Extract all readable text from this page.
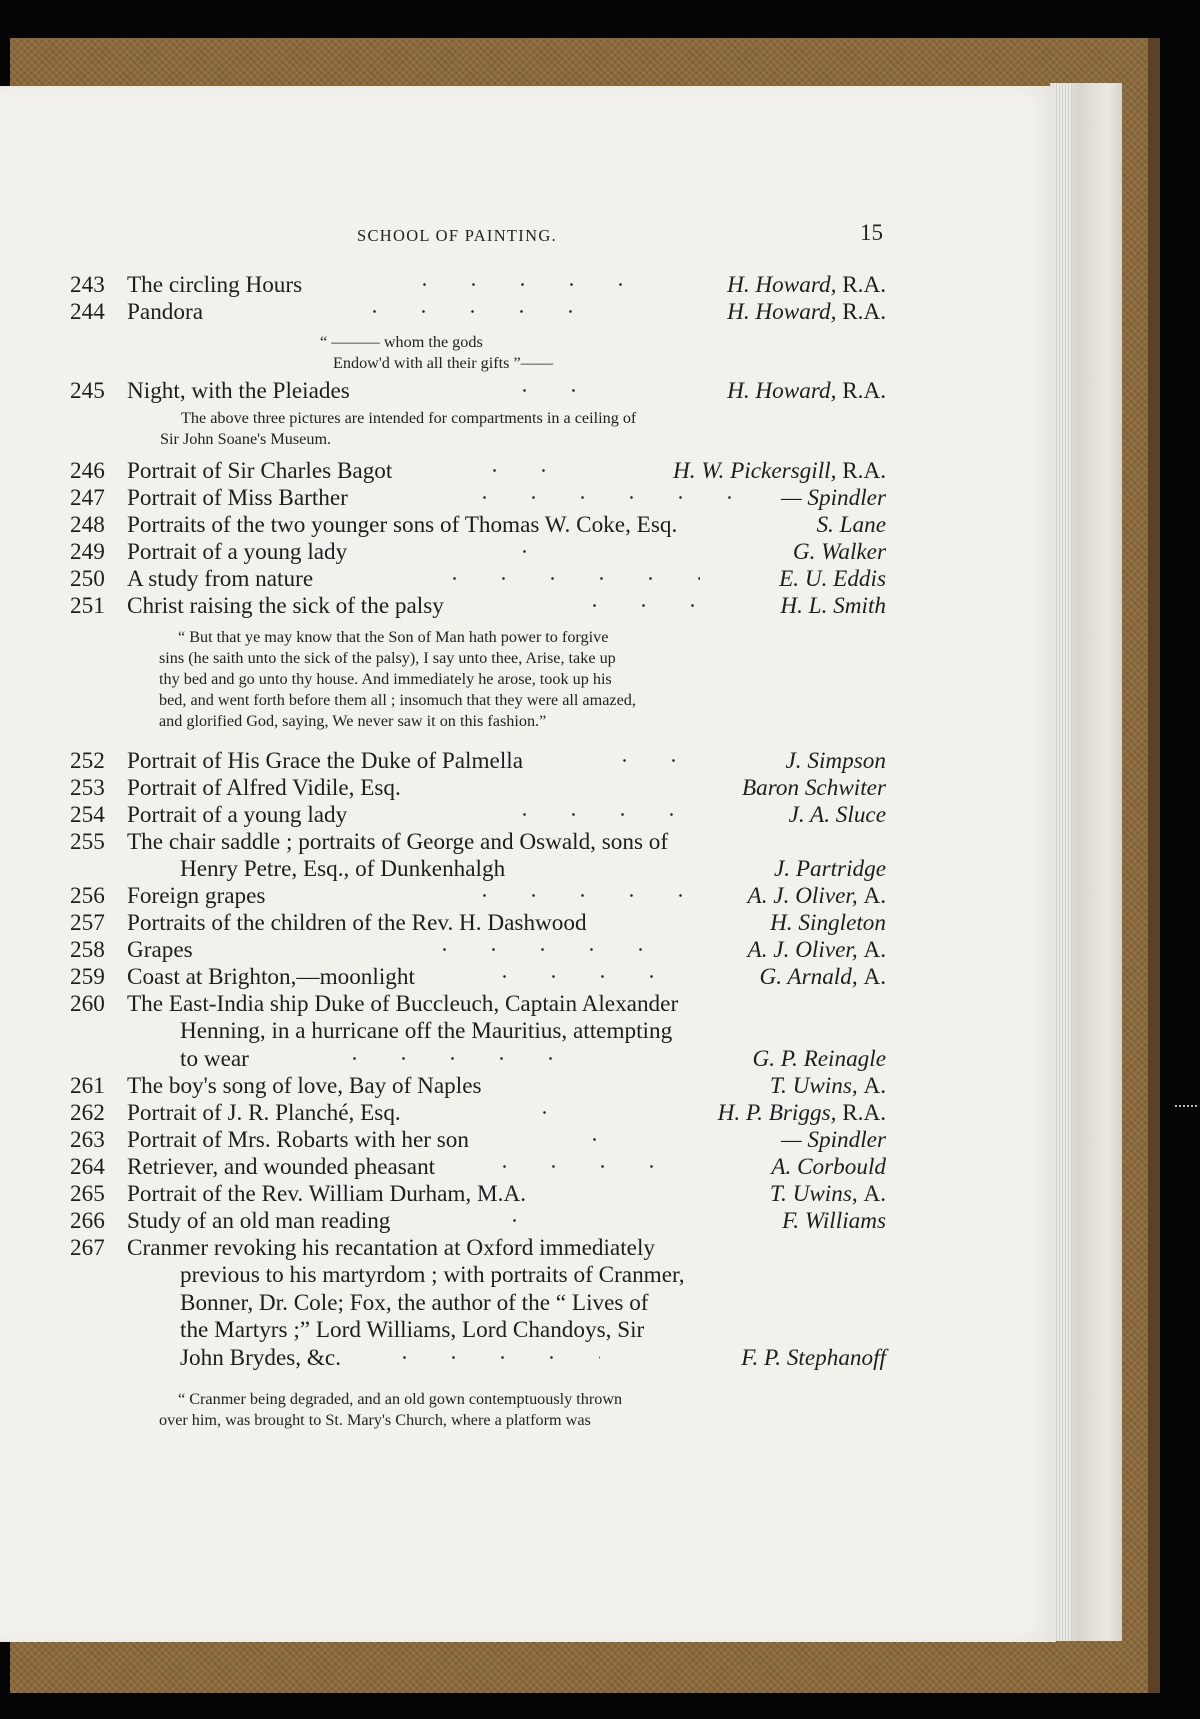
SCHOOL OF PAINTING.	15
243 The circling Hours	H. Howard, R.A.
244 Pandora	H. Howard, R.A.
245 Night, with the Pleiades	H. Howard, R.A.
246 Portrait of Sir Charles Bagot	H. W. Pickersgill, R.A.
247 Portrait of Miss Barther	— Spindler
248 Portraits of the two younger sons of Thomas W. Coke, Esq.	S. Lane
249 Portrait of a young lady	G. Walker
250 A study from nature	E. U. Eddis
251 Christ raising the sick of the palsy	H. L. Smith
252 Portrait of His Grace the Duke of Palmella	J. Simpson
253 Portrait of Alfred Vidile, Esq.	Baron Schwiter
254 Portrait of a young lady	J. A. Sluce
255 The chair saddle ; portraits of George and Oswald, sons of
Henry Petre, Esq., of Dunkenhalgh	J. Partridge
256 Foreign grapes	A. J. Oliver, A.
257 Portraits of the children of the Rev. H. Dashwood	H. Singleton
258 Grapes	A. J. Oliver, A.
259 Coast at Brighton,—moonlight	G. Arnald, A.
260 The East-India ship Duke of Buccleuch, Captain Alexander
Henning, in a hurricane off the Mauritius, attempting
to wear	G. P. Reinagle
261 The boy's song of love, Bay of Naples	T. Uwins, A.
262 Portrait of J. R. Planché, Esq.	H. P. Briggs, R.A.
263 Portrait of Mrs. Robarts with her son	— Spindler
264 Retriever, and wounded pheasant	A. Corbould
265 Portrait of the Rev. William Durham, M.A.	T. Uwins, A.
266 Study of an old man reading	F. Williams
267 Cranmer revoking his recantation at Oxford immediately
previous to his martyrdom ; with portraits of Cranmer,
Bonner, Dr. Cole; Fox, the author of the “ Lives of
the Martyrs ;” Lord Williams, Lord Chandoys, Sir
John Brydes, &c.	F. P. Stephanoff
“ ——— whom the gods
Endow'd with all their gifts ”——
The above three pictures are intended for compartments in a ceiling of
Sir John Soane's Museum.
“ But that ye may know that the Son of Man hath power to forgive
sins (he saith unto the sick of the palsy), I say unto thee, Arise, take up
thy bed and go unto thy house. And immediately he arose, took up his
bed, and went forth before them all ; insomuch that they were all amazed,
and glorified God, saying, We never saw it on this fashion.”
“ Cranmer being degraded, and an old gown contemptuously thrown
over him, was brought to St. Mary's Church, where a platform was
